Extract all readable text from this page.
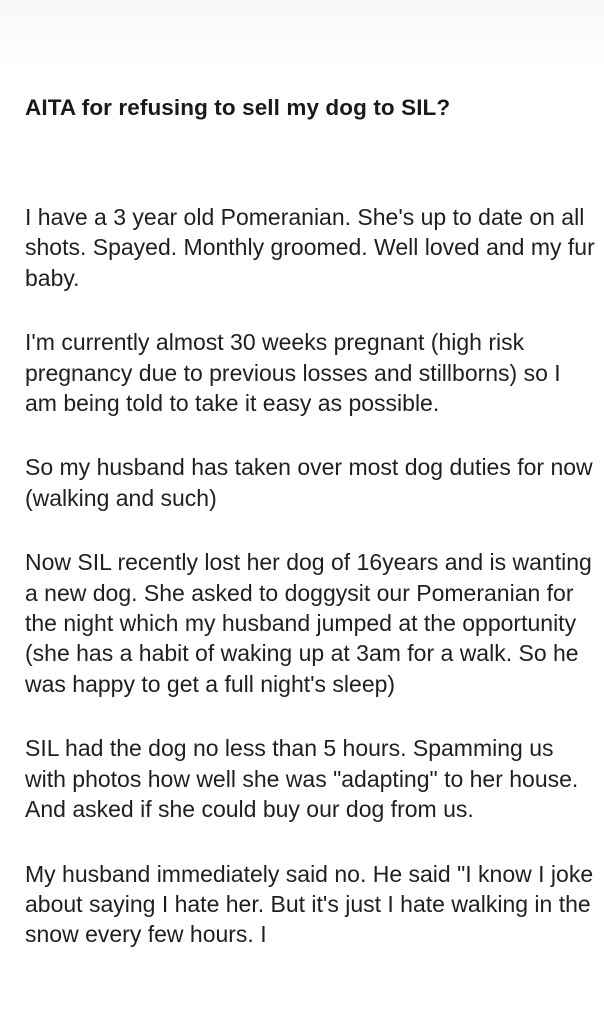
AITA for refusing to sell my dog to SIL?

I have a 3 year old Pomeranian. She's up to date on all shots. Spayed. Monthly groomed. Well loved and my fur baby.

I'm currently almost 30 weeks pregnant (high risk pregnancy due to previous losses and stillborns) so I am being told to take it easy as possible.

So my husband has taken over most dog duties for now (walking and such)

Now SIL recently lost her dog of 16years and is wanting a new dog. She asked to doggysit our Pomeranian for the night which my husband jumped at the opportunity (she has a habit of waking up at 3am for a walk. So he was happy to get a full night's sleep)

SIL had the dog no less than 5 hours. Spamming us with photos how well she was "adapting" to her house. And asked if she could buy our dog from us.

My husband immediately said no. He said "I know I joke about saying I hate her. But it's just I hate walking in the snow every few hours. I
